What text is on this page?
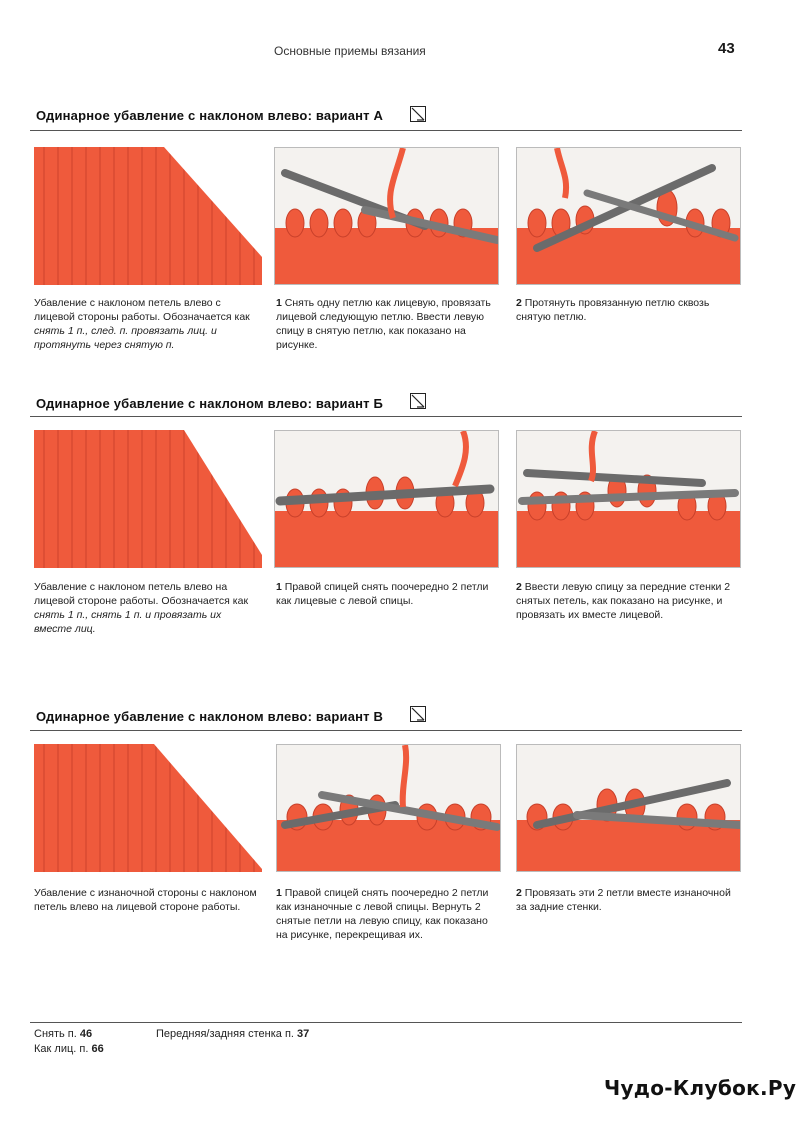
Основные приемы вязания	43
Одинарное убавление с наклоном влево: вариант А
Убавление с наклоном петель влево с лицевой стороны работы. Обозначается как снять 1 п., след. п. провязать лиц. и протянуть через снятую п.
1 Снять одну петлю как лицевую, провязать лицевой следующую петлю. Ввести левую спицу в снятую петлю, как показано на рисунке.
2 Протянуть провязанную петлю сквозь снятую петлю.
Одинарное убавление с наклоном влево: вариант Б
Убавление с наклоном петель влево на лицевой стороне работы. Обозначается как снять 1 п., снять 1 п. и провязать их вместе лиц.
1 Правой спицей снять поочередно 2 петли как лицевые с левой спицы.
2 Ввести левую спицу за передние стенки 2 снятых петель, как показано на рисунке, и провязать их вместе лицевой.
Одинарное убавление с наклоном влево: вариант В
Убавление с изнаночной стороны с наклоном петель влево на лицевой стороне работы.
1 Правой спицей снять поочередно 2 петли как изнаночные с левой спицы. Вернуть 2 снятые петли на левую спицу, как показано на рисунке, перекрещивая их.
2 Провязать эти 2 петли вместе изнаночной за задние стенки.
Снять п. 46
Как лиц. п. 66
Передняя/задняя стенка п. 37
Чудо-Клубок.Ру
